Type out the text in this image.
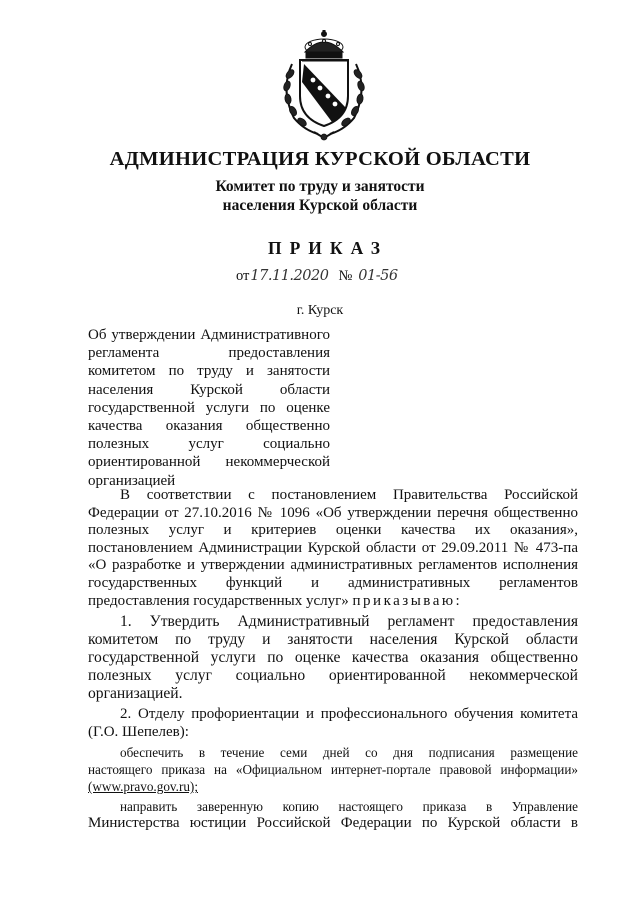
АДМИНИСТРАЦИЯ КУРСКОЙ ОБЛАСТИ
Комитет по труду и занятости
населения Курской области
ПРИКАЗ
от 17.11.2020 № 01-56
г. Курск
Об утверждении Административного
регламента предоставления
комитетом по труду и занятости
населения Курской области
государственной услуги по оценке
качества оказания общественно
полезных услуг социально
ориентированной некоммерческой
организацией
В соответствии с постановлением Правительства Российской
Федерации от 27.10.2016 № 1096 «Об утверждении перечня общественно
полезных услуг и критериев оценки качества их оказания»,
постановлением Администрации Курской области от 29.09.2011 № 473-па
«О разработке и утверждении административных регламентов исполнения
государственных функций и административных регламентов
предоставления государственных услуг» приказываю:
1. Утвердить Административный регламент предоставления
комитетом по труду и занятости населения Курской области
государственной услуги по оценке качества оказания общественно
полезных услуг социально ориентированной некоммерческой
организацией.
2. Отделу профориентации и профессионального обучения комитета
(Г.О. Шепелев):
обеспечить в течение семи дней со дня подписания размещение
настоящего приказа на «Официальном интернет-портале правовой информации»
(www.pravo.gov.ru);
направить заверенную копию настоящего приказа в Управление
Министерства юстиции Российской Федерации по Курской области в
